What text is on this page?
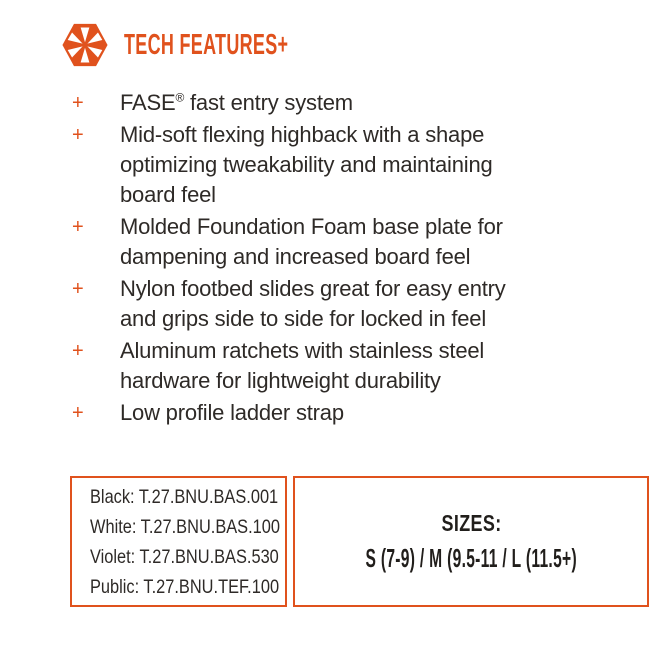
TECH FEATURES+
+ FASE® fast entry system
+ Mid-soft flexing highback with a shape optimizing tweakability and maintaining board feel
+ Molded Foundation Foam base plate for dampening and increased board feel
+ Nylon footbed slides great for easy entry and grips side to side for locked in feel
+ Aluminum ratchets with stainless steel hardware for lightweight durability
+ Low profile ladder strap
Black: T.27.BNU.BAS.001
White: T.27.BNU.BAS.100
Violet: T.27.BNU.BAS.530
Public: T.27.BNU.TEF.100
SIZES:
S (7-9) / M (9.5-11 / L (11.5+)
